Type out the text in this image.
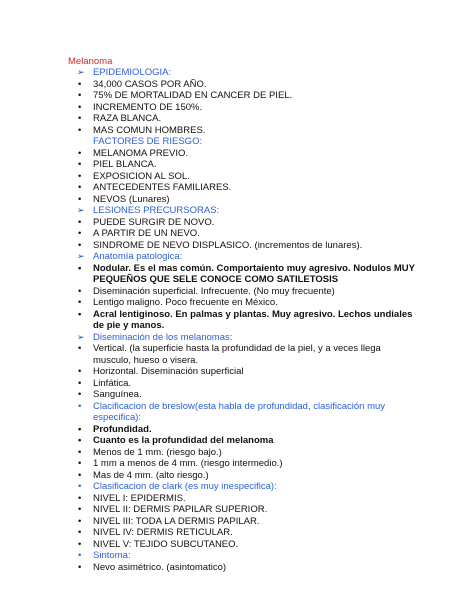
Melanoma
➢ EPIDEMIOLOGIA:
•	34,000 CASOS POR AÑO.
•	75% DE MORTALIDAD EN CANCER DE PIEL.
•	INCREMENTO DE 150%.
•	RAZA BLANCA.
•	MAS COMUN HOMBRES.
FACTORES DE RIESGO:
•	MELANOMA PREVIO.
•	PIEL BLANCA.
•	EXPOSICION AL SOL.
•	ANTECEDENTES FAMILIARES.
•	NEVOS (Lunares)
➢ LESIONES PRECURSORAS:
•	PUEDE SURGIR DE NOVO.
•	A PARTIR DE UN NEVO.
•	SINDROME DE NEVO DISPLASICO. (incrementos de lunares).
➢ Anatomía patologica:
•	Nodular. Es el mas común. Comportaiento muy agresivo. Nodulos MUY PEQUEÑOS QUE SELE CONOCE COMO SATILETOSIS
•	Diseminación superficial. Infrecuente. (No muy frecuente)
•	Lentigo maligno. Poco frecuente en México.
•	Acral lentiginoso. En palmas y plantas. Muy agresivo. Lechos undiales de pie y manos.
➢ Diseminación de los melanomas:
•	Vertical. (la superficie hasta la profundidad de la piel, y a veces llega musculo, hueso o visera.
•	Horizontal. Diseminación superficial
•	Linfática.
•	Sanguínea.
•	Clacificacion de breslow(esta habla de profundidad, clasificación muy especifica):
•	Profundidad.
•	Cuanto es la profundidad del melanoma
•	Menos de 1 mm. (riesgo bajo.)
•	1 mm a menos de 4 mm. (riesgo intermedio.)
•	Mas de 4 mm. (alto riesgo.)
•	Clasificacion de clark (es muy inespecifica):
•	NIVEL I: EPIDERMIS.
•	NIVEL II: DERMIS PAPILAR SUPERIOR.
•	NIVEL III: TODA LA DERMIS PAPILAR.
•	NIVEL IV: DERMIS RETICULAR.
•	NIVEL V: TEJIDO SUBCUTANEO.
•	Sintoma:
•	Nevo asimétrico. (asintomatico)
